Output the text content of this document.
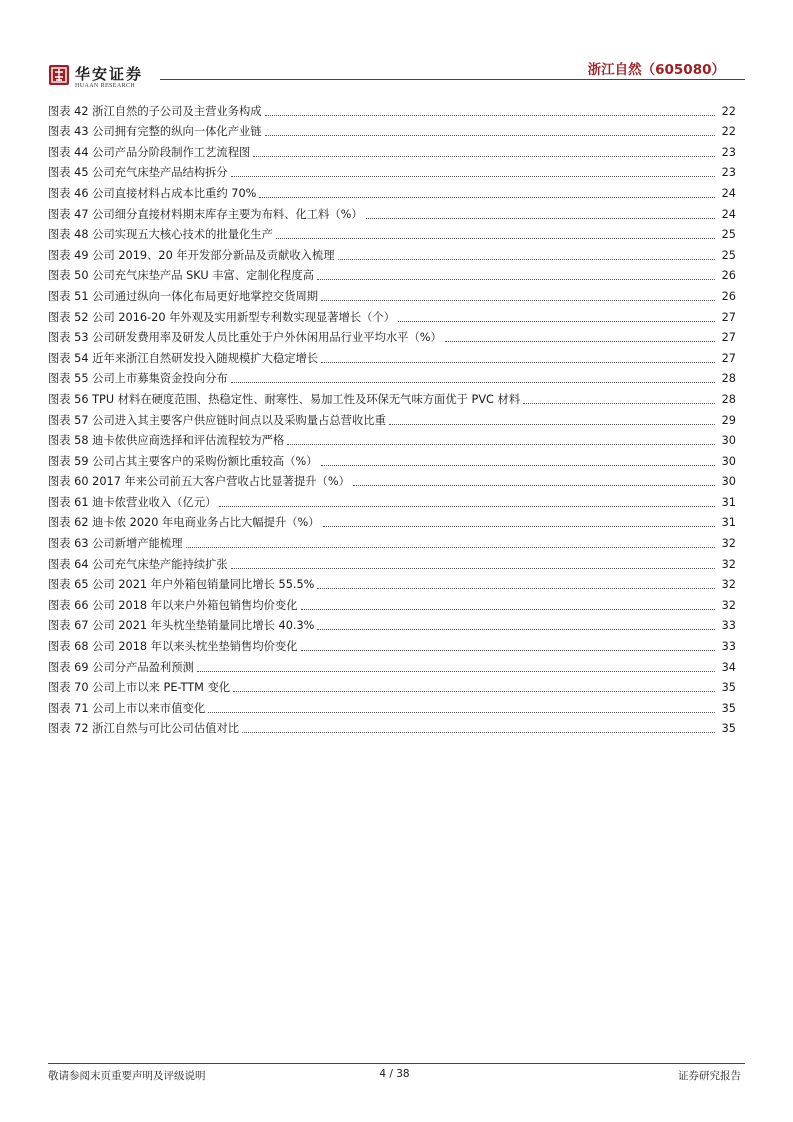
华安证券
HUAAN RESEARCH
浙江自然（605080）
图表 42 浙江自然的子公司及主营业务构成	22
图表 43 公司拥有完整的纵向一体化产业链	22
图表 44 公司产品分阶段制作工艺流程图	23
图表 45 公司充气床垫产品结构拆分	23
图表 46 公司直接材料占成本比重约 70%	24
图表 47 公司细分直接材料期末库存主要为布料、化工料（%）	24
图表 48 公司实现五大核心技术的批量化生产	25
图表 49 公司 2019、20 年开发部分新品及贡献收入梳理	25
图表 50 公司充气床垫产品 SKU 丰富、定制化程度高	26
图表 51 公司通过纵向一体化布局更好地掌控交货周期	26
图表 52 公司 2016-20 年外观及实用新型专利数实现显著增长（个）	27
图表 53 公司研发费用率及研发人员比重处于户外休闲用品行业平均水平（%）	27
图表 54 近年来浙江自然研发投入随规模扩大稳定增长	27
图表 55 公司上市募集资金投向分布	28
图表 56 TPU 材料在硬度范围、热稳定性、耐寒性、易加工性及环保无气味方面优于 PVC 材料	28
图表 57 公司进入其主要客户供应链时间点以及采购量占总营收比重	29
图表 58 迪卡侬供应商选择和评估流程较为严格	30
图表 59 公司占其主要客户的采购份额比重较高（%）	30
图表 60 2017 年来公司前五大客户营收占比显著提升（%）	30
图表 61 迪卡侬营业收入（亿元）	31
图表 62 迪卡侬 2020 年电商业务占比大幅提升（%）	31
图表 63 公司新增产能梳理	32
图表 64 公司充气床垫产能持续扩张	32
图表 65 公司 2021 年户外箱包销量同比增长 55.5%	32
图表 66 公司 2018 年以来户外箱包销售均价变化	32
图表 67 公司 2021 年头枕坐垫销量同比增长 40.3%	33
图表 68 公司 2018 年以来头枕坐垫销售均价变化	33
图表 69 公司分产品盈利预测	34
图表 70 公司上市以来 PE-TTM 变化	35
图表 71 公司上市以来市值变化	35
图表 72 浙江自然与可比公司估值对比	35
敬请参阅末页重要声明及评级说明	4 / 38	证券研究报告
